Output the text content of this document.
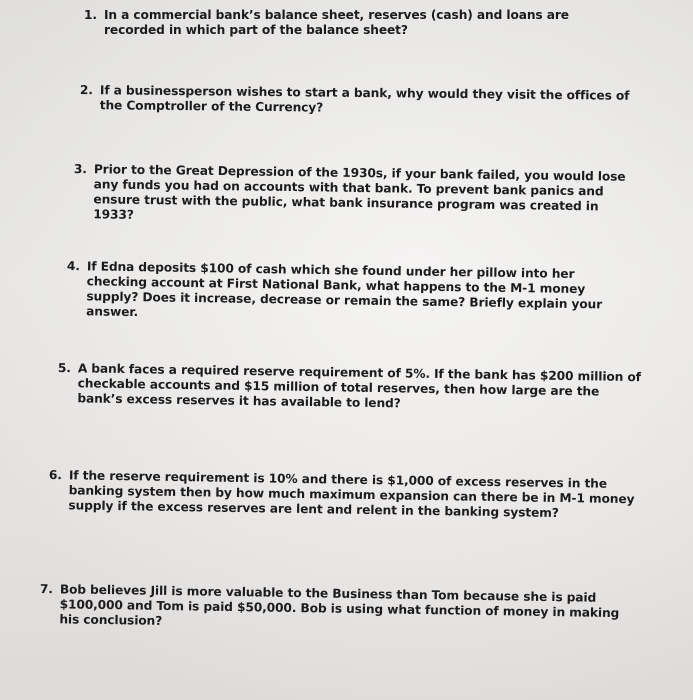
1. In a commercial bank’s balance sheet, reserves (cash) and loans are recorded in which part of the balance sheet?
2. If a businessperson wishes to start a bank, why would they visit the offices of the Comptroller of the Currency?
3. Prior to the Great Depression of the 1930s, if your bank failed, you would lose any funds you had on accounts with that bank. To prevent bank panics and ensure trust with the public, what bank insurance program was created in 1933?
4. If Edna deposits $100 of cash which she found under her pillow into her checking account at First National Bank, what happens to the M-1 money supply? Does it increase, decrease or remain the same? Briefly explain your answer.
5. A bank faces a required reserve requirement of 5%. If the bank has $200 million of checkable accounts and $15 million of total reserves, then how large are the bank’s excess reserves it has available to lend?
6. If the reserve requirement is 10% and there is $1,000 of excess reserves in the banking system then by how much maximum expansion can there be in M-1 money supply if the excess reserves are lent and relent in the banking system?
7. Bob believes Jill is more valuable to the Business than Tom because she is paid $100,000 and Tom is paid $50,000. Bob is using what function of money in making his conclusion?
